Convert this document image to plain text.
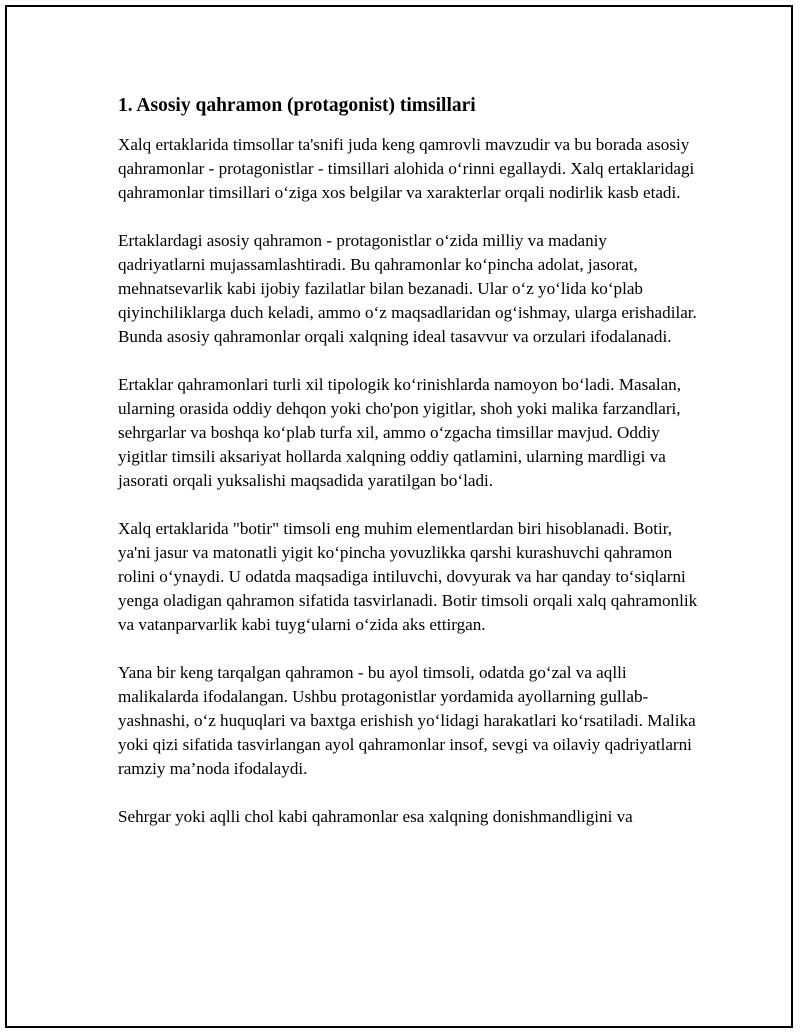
1. Asosiy qahramon (protagonist) timsillari

Xalq ertaklarida timsollar ta'snifi juda keng qamrovli mavzudir va bu borada asosiy qahramonlar - protagonistlar - timsillari alohida o‘rinni egallaydi. Xalq ertaklaridagi qahramonlar timsillari o‘ziga xos belgilar va xarakterlar orqali nodirlik kasb etadi.

Ertaklardagi asosiy qahramon - protagonistlar o‘zida milliy va madaniy qadriyatlarni mujassamlashtiradi. Bu qahramonlar ko‘pincha adolat, jasorat, mehnatsevarlik kabi ijobiy fazilatlar bilan bezanadi. Ular o‘z yo‘lida ko‘plab qiyinchiliklarga duch keladi, ammo o‘z maqsadlaridan og‘ishmay, ularga erishadilar. Bunda asosiy qahramonlar orqali xalqning ideal tasavvur va orzulari ifodalanadi.

Ertaklar qahramonlari turli xil tipologik ko‘rinishlarda namoyon bo‘ladi. Masalan, ularning orasida oddiy dehqon yoki cho'pon yigitlar, shoh yoki malika farzandlari, sehrgarlar va boshqa ko‘plab turfa xil, ammo o‘zgacha timsillar mavjud. Oddiy yigitlar timsili aksariyat hollarda xalqning oddiy qatlamini, ularning mardligi va jasorati orqali yuksalishi maqsadida yaratilgan bo‘ladi.

Xalq ertaklarida "botir" timsoli eng muhim elementlardan biri hisoblanadi. Botir, ya'ni jasur va matonatli yigit ko‘pincha yovuzlikka qarshi kurashuvchi qahramon rolini o‘ynaydi. U odatda maqsadiga intiluvchi, dovyurak va har qanday to‘siqlarni yenga oladigan qahramon sifatida tasvirlanadi. Botir timsoli orqali xalq qahramonlik va vatanparvarlik kabi tuyg‘ularni o‘zida aks ettirgan.

Yana bir keng tarqalgan qahramon - bu ayol timsoli, odatda go‘zal va aqlli malikalarda ifodalangan. Ushbu protagonistlar yordamida ayollarning gullab-yashnashi, o‘z huquqlari va baxtga erishish yo‘lidagi harakatlari ko‘rsatiladi. Malika yoki qizi sifatida tasvirlangan ayol qahramonlar insof, sevgi va oilaviy qadriyatlarni ramziy ma’noda ifodalaydi.

Sehrgar yoki aqlli chol kabi qahramonlar esa xalqning donishmandligini va
